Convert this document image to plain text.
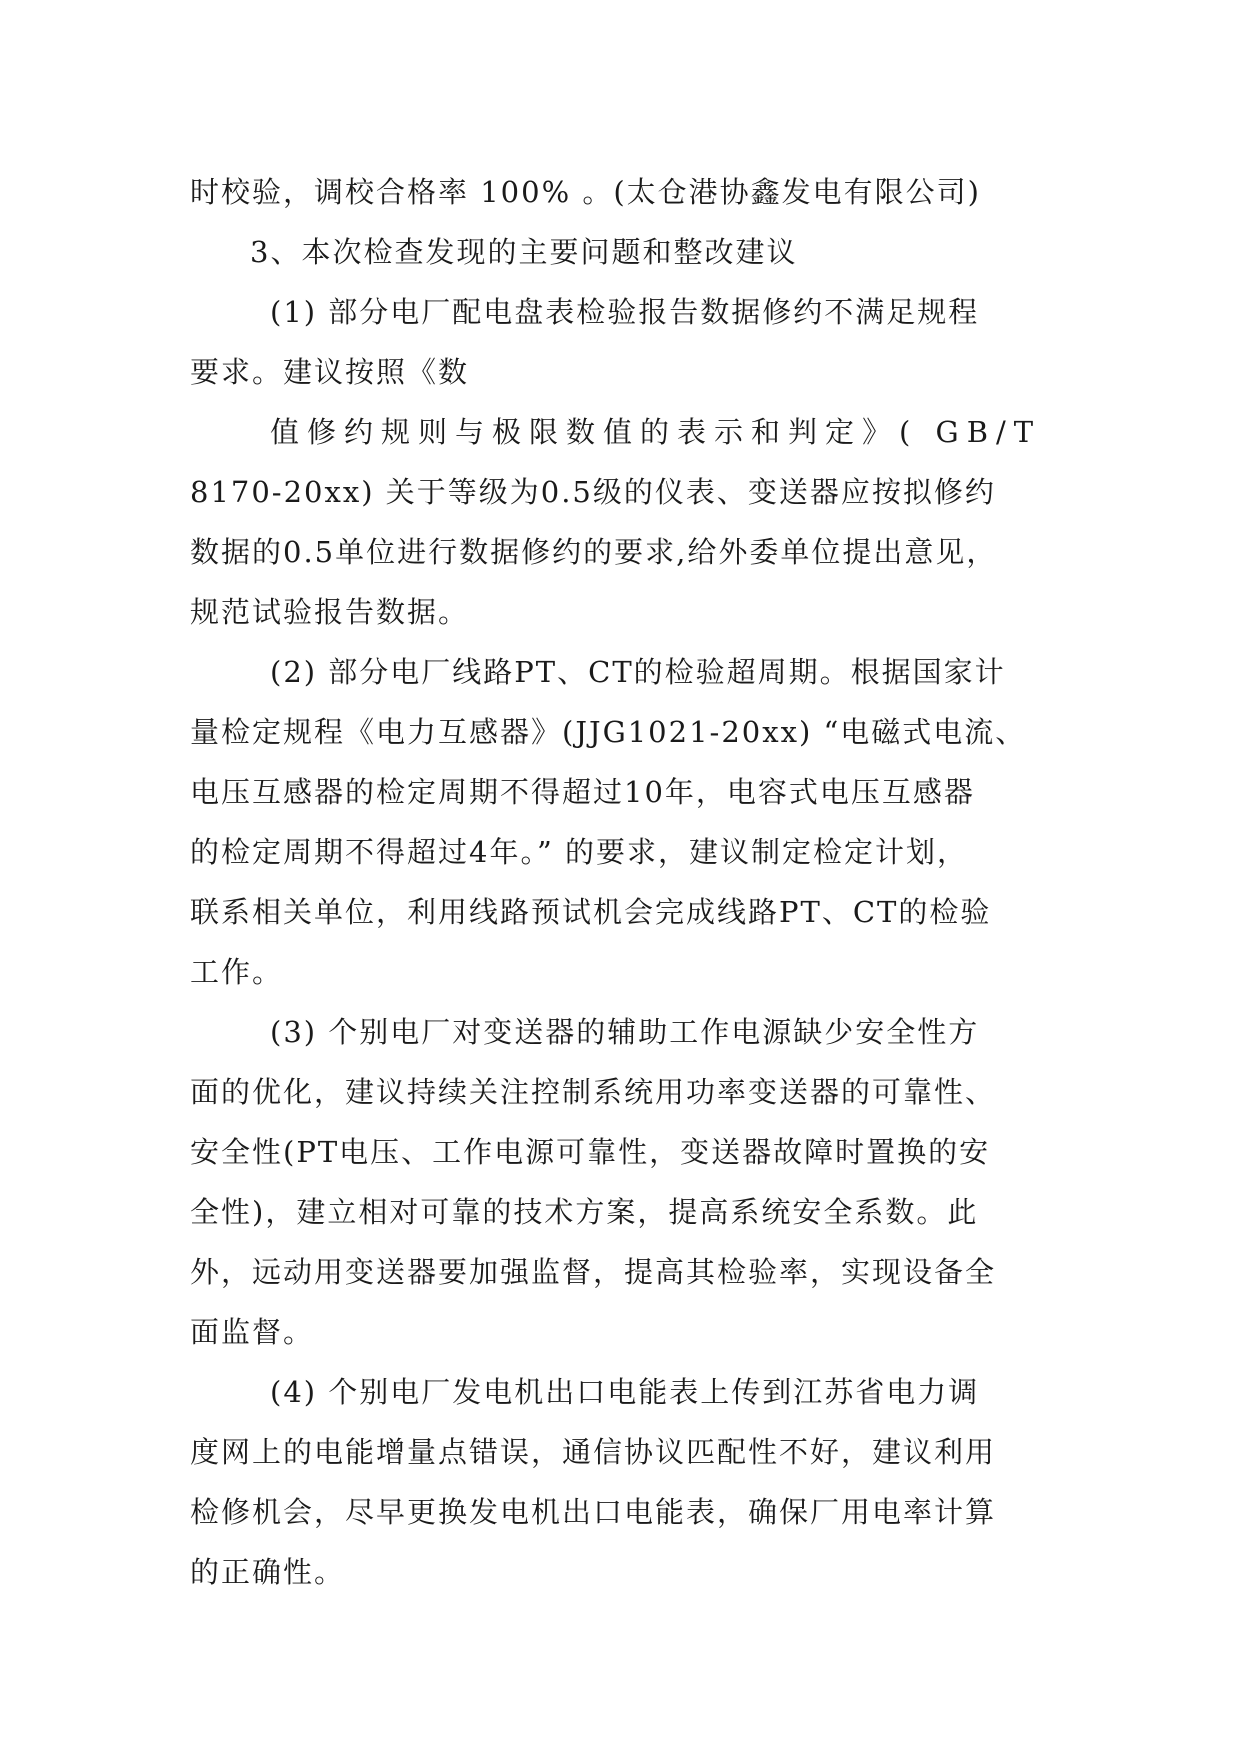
时校验，调校合格率 100% 。(太仓港协鑫发电有限公司)
3、本次检查发现的主要问题和整改建议
(1) 部分电厂配电盘表检验报告数据修约不满足规程
要求。建议按照《数
值修约规则与极限数值的表示和判定》( GB/T
8170-20xx) 关于等级为0.5级的仪表、变送器应按拟修约
数据的0.5单位进行数据修约的要求,给外委单位提出意见，
规范试验报告数据。
(2) 部分电厂线路PT、CT的检验超周期。根据国家计
量检定规程《电力互感器》(JJG1021-20xx) “电磁式电流、
电压互感器的检定周期不得超过10年，电容式电压互感器
的检定周期不得超过4年。” 的要求，建议制定检定计划，
联系相关单位，利用线路预试机会完成线路PT、CT的检验
工作。
(3) 个别电厂对变送器的辅助工作电源缺少安全性方
面的优化，建议持续关注控制系统用功率变送器的可靠性、
安全性(PT电压、工作电源可靠性，变送器故障时置换的安
全性)，建立相对可靠的技术方案，提高系统安全系数。此
外，远动用变送器要加强监督，提高其检验率，实现设备全
面监督。
(4) 个别电厂发电机出口电能表上传到江苏省电力调
度网上的电能增量点错误，通信协议匹配性不好，建议利用
检修机会，尽早更换发电机出口电能表，确保厂用电率计算
的正确性。
